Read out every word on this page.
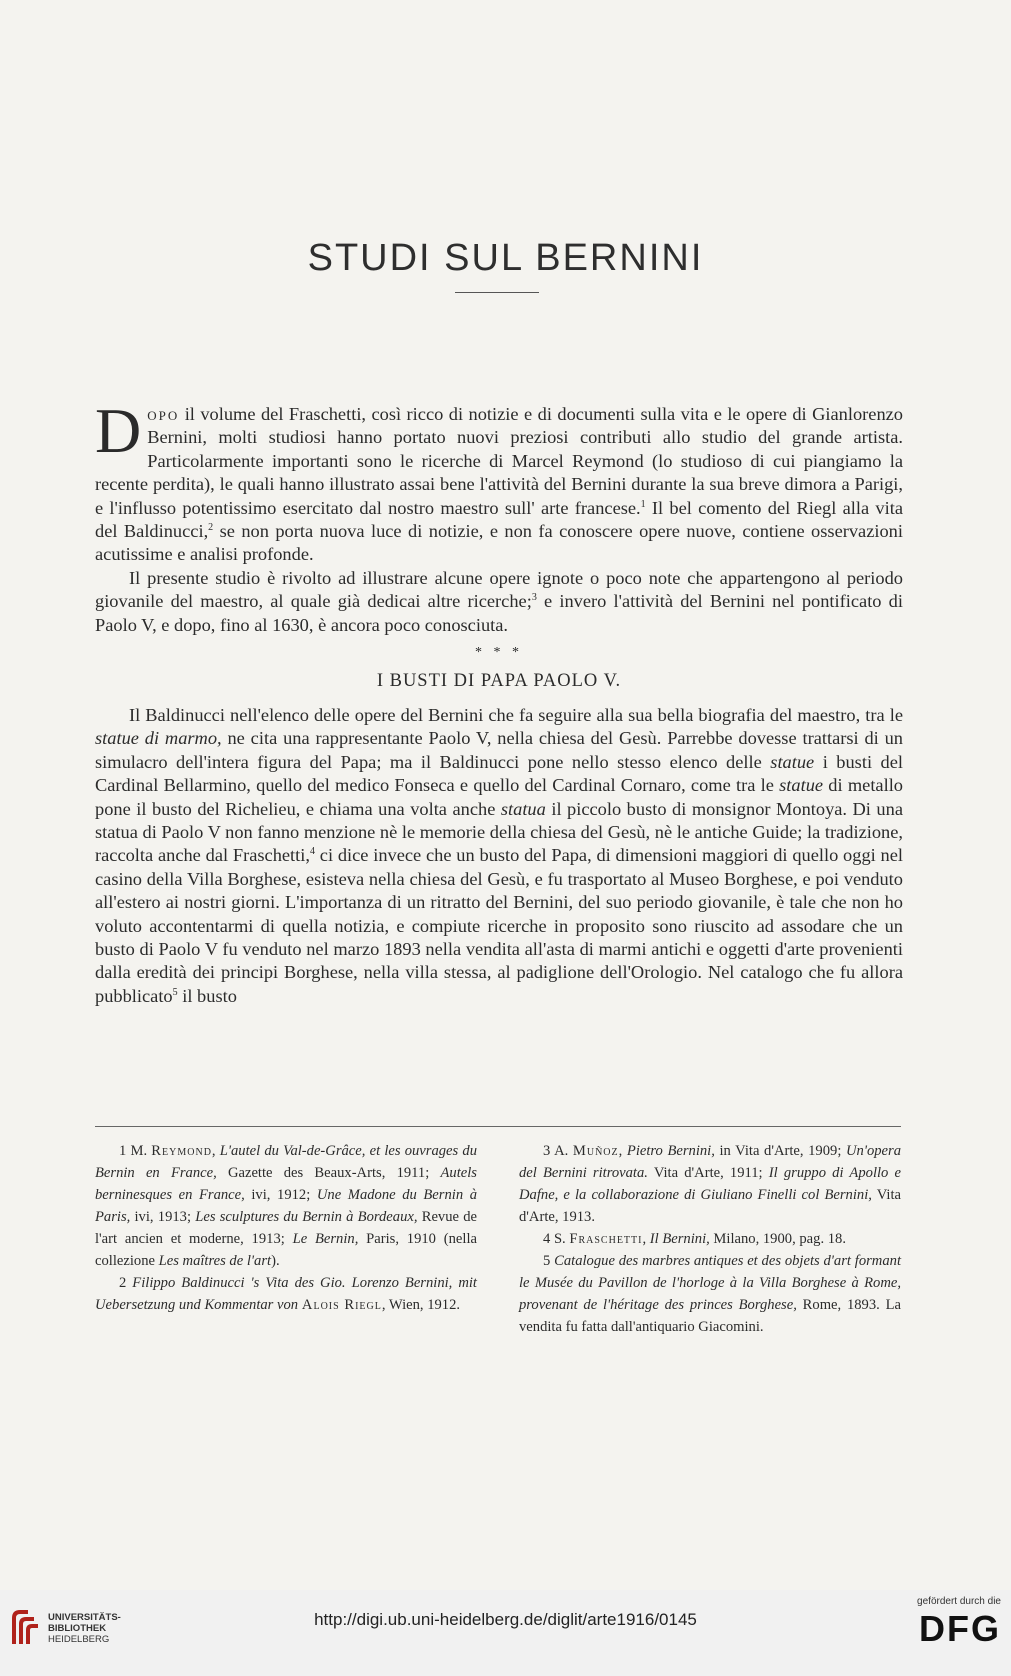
STUDI SUL BERNINI

Dopo il volume del Fraschetti, così ricco di notizie e di documenti sulla vita e le opere di Gianlorenzo Bernini, molti studiosi hanno portato nuovi preziosi contributi allo studio del grande artista. Particolarmente importanti sono le ricerche di Marcel Reymond (lo studioso di cui piangiamo la recente perdita), le quali hanno illustrato assai bene l'attività del Bernini durante la sua breve dimora a Parigi, e l'influsso potentissimo esercitato dal nostro maestro sull' arte francese.$^1$ Il bel comento del Riegl alla vita del Baldinucci,$^2$ se non porta nuova luce di notizie, e non fa conoscere opere nuove, contiene osservazioni acutissime e analisi profonde.

Il presente studio è rivolto ad illustrare alcune opere ignote o poco note che appartengono al periodo giovanile del maestro, al quale già dedicai altre ricerche;$^3$ e invero l'attività del Bernini nel pontificato di Paolo V, e dopo, fino al 1630, è ancora poco conosciuta.

* * *
I BUSTI DI PAPA PAOLO V.

Il Baldinucci nell'elenco delle opere del Bernini che fa seguire alla sua bella biografia del maestro, tra le statue di marmo, ne cita una rappresentante Paolo V, nella chiesa del Gesù. Parrebbe dovesse trattarsi di un simulacro dell'intera figura del Papa; ma il Baldinucci pone nello stesso elenco delle statue i busti del Cardinal Bellarmino, quello del medico Fonseca e quello del Cardinal Cornaro, come tra le statue di metallo pone il busto del Richelieu, e chiama una volta anche statua il piccolo busto di monsignor Montoya. Di una statua di Paolo V non fanno menzione nè le memorie della chiesa del Gesù, nè le antiche Guide; la tradizione, raccolta anche dal Fraschetti,$^4$ ci dice invece che un busto del Papa, di dimensioni maggiori di quello oggi nel casino della Villa Borghese, esisteva nella chiesa del Gesù, e fu trasportato al Museo Borghese, e poi venduto all'estero ai nostri giorni. L'importanza di un ritratto del Bernini, del suo periodo giovanile, è tale che non ho voluto accontentarmi di quella notizia, e compiute ricerche in proposito sono riuscito ad assodare che un busto di Paolo V fu venduto nel marzo 1893 nella vendita all'asta di marmi antichi e oggetti d'arte provenienti dalla eredità dei principi Borghese, nella villa stessa, al padiglione dell'Orologio. Nel catalogo che fu allora pubblicato$^5$ il busto

1 M. Reymond, L'autel du Val-de-Grâce, et les ouvrages du Bernin en France, Gazette des Beaux-Arts, 1911; Autels berninesques en France, ivi, 1912; Une Madone du Bernin à Paris, ivi, 1913; Les sculptures du Bernin à Bordeaux, Revue de l'art ancien et moderne, 1913; Le Bernin, Paris, 1910 (nella collezione Les maîtres de l'art).

2 Filippo Baldinucci 's Vita des Gio. Lorenzo Bernini, mit Uebersetzung und Kommentar von Alois Riegl, Wien, 1912.

3 A. Muñoz, Pietro Bernini, in Vita d'Arte, 1909; Un'opera del Bernini ritrovata. Vita d'Arte, 1911; Il gruppo di Apollo e Dafne, e la collaborazione di Giuliano Finelli col Bernini, Vita d'Arte, 1913.

4 S. Fraschetti, Il Bernini, Milano, 1900, pag. 18.

5 Catalogue des marbres antiques et des objets d'art formant le Musée du Pavillon de l'horloge à la Villa Borghese à Rome, provenant de l'héritage des princes Borghese, Rome, 1893. La vendita fu fatta dall'antiquario Giacomini.

UNIVERSITÄTS-
BIBLIOTHEK
HEIDELBERG
http://digi.ub.uni-heidelberg.de/diglit/arte1916/0145
gefördert durch die
DFG
